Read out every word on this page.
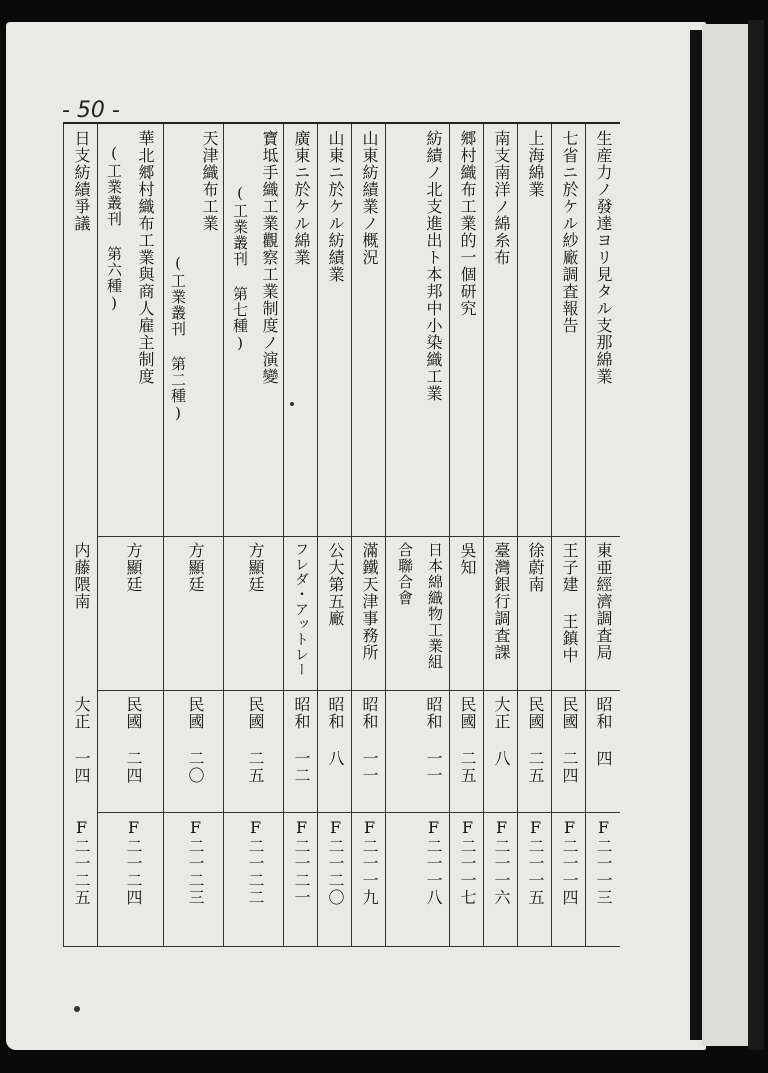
- 50 -
生産力ノ發達ヨリ見タル支那綿業
東亜經濟調査局
昭和 四
F二一一三
七省ニ於ケル紗廠調査報告
王子建 王鎮中
民國 二四
F二一一四
上海綿業
徐蔚南
民國 二五
F二一一五
南支南洋ノ綿糸布
臺灣銀行調査課
大正 八
F二一一六
郷村織布工業的一個研究
吳知
民國 二五
F二一一七
紡績ノ北支進出ト本邦中小染織工業
日本綿織物工業組合聯合會
昭和 一一
F二一一八
山東紡績業ノ概況
滿鐵天津事務所
昭和 一一
F二一一九
山東ニ於ケル紡績業
公大第五廠
昭和 八
F二一二〇
廣東ニ於ケル綿業
フレダ・アットレー
昭和 一二
F二一二一
寶坻手織工業觀察工業制度ノ演變
(工業叢刊 第七種)
方顯廷
民國 二五
F二一二二
天津織布工業
(工業叢刊 第二種)
方顯廷
民國 二〇
F二一二三
華北郷村織布工業與商人雇主制度
(工業叢刊 第六種)
方顯廷
民國 二四
F二一二四
日支紡績爭議
内藤隈南
大正 一四
F二一二五
